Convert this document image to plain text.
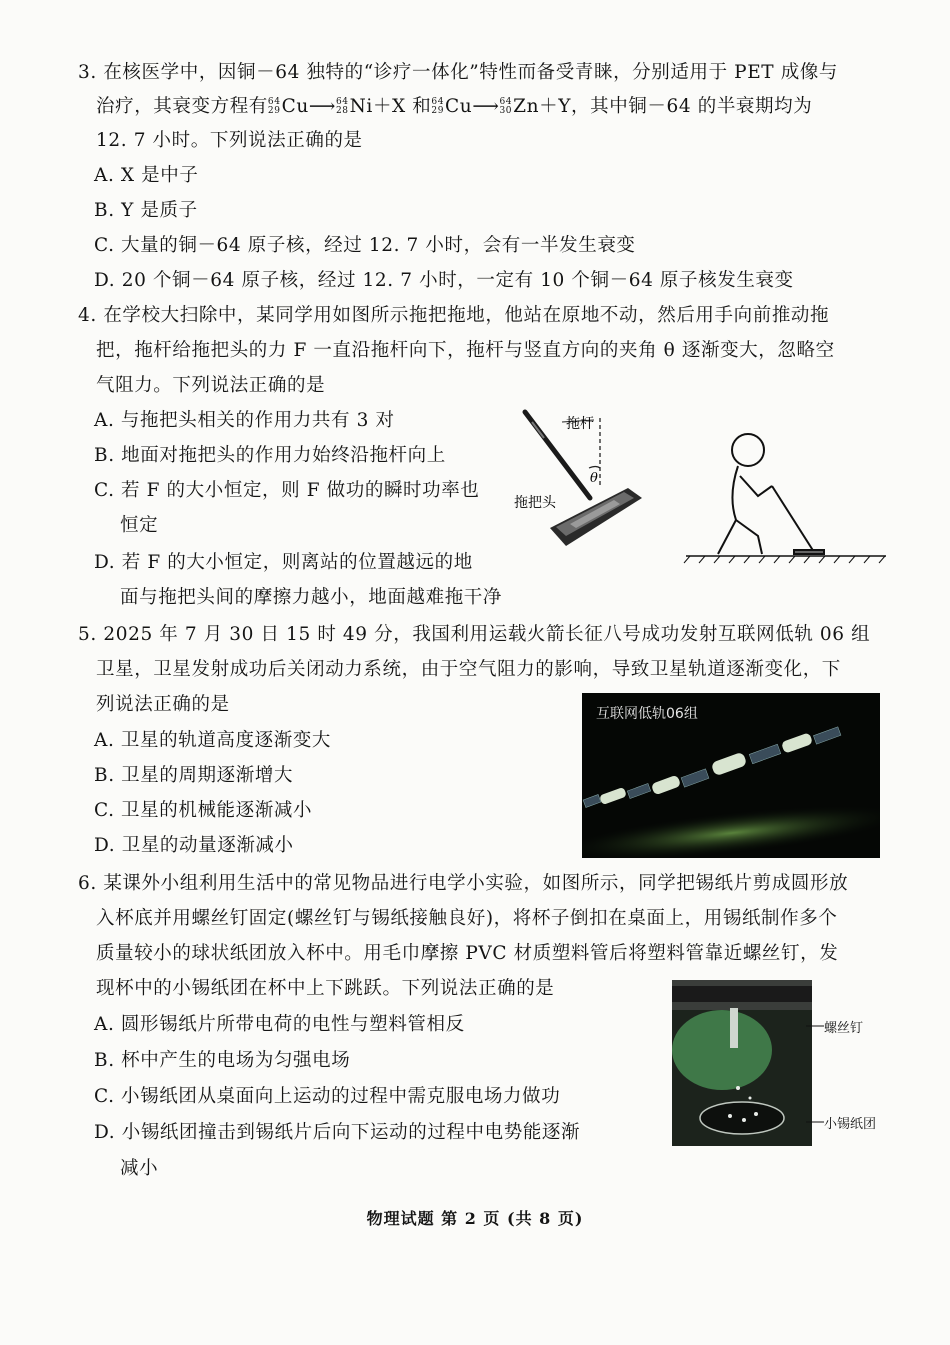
3. 在核医学中，因铜－64 独特的“诊疗一体化”特性而备受青睐，分别适用于 PET 成像与
治疗，其衰变方程有 64
29 Cu⟶ 64
28 Ni＋X 和 64
29 Cu⟶ 64
30 Zn＋Y，其中铜－64 的半衰期均为
12. 7 小时。下列说法正确的是
A. X 是中子
B. Y 是质子
C. 大量的铜－64 原子核，经过 12. 7 小时，会有一半发生衰变
D. 20 个铜－64 原子核，经过 12. 7 小时，一定有 10 个铜－64 原子核发生衰变
4. 在学校大扫除中，某同学用如图所示拖把拖地，他站在原地不动，然后用手向前推动拖
把，拖杆给拖把头的力 F 一直沿拖杆向下，拖杆与竖直方向的夹角 θ 逐渐变大，忽略空
气阻力。下列说法正确的是
A. 与拖把头相关的作用力共有 3 对
B. 地面对拖把头的作用力始终沿拖杆向上
C. 若 F 的大小恒定，则 F 做功的瞬时功率也
恒定
D. 若 F 的大小恒定，则离站的位置越远的地
面与拖把头间的摩擦力越小，地面越难拖干净
拖杆
θ
拖把头
5. 2025 年 7 月 30 日 15 时 49 分，我国利用运载火箭长征八号成功发射互联网低轨 06 组
卫星，卫星发射成功后关闭动力系统，由于空气阻力的影响，导致卫星轨道逐渐变化，下
列说法正确的是
A. 卫星的轨道高度逐渐变大
B. 卫星的周期逐渐增大
C. 卫星的机械能逐渐减小
D. 卫星的动量逐渐减小
互联网低轨06组
6. 某课外小组利用生活中的常见物品进行电学小实验，如图所示，同学把锡纸片剪成圆形放
入杯底并用螺丝钉固定(螺丝钉与锡纸接触良好)，将杯子倒扣在桌面上，用锡纸制作多个
质量较小的球状纸团放入杯中。用毛巾摩擦 PVC 材质塑料管后将塑料管靠近螺丝钉，发
现杯中的小锡纸团在杯中上下跳跃。下列说法正确的是
A. 圆形锡纸片所带电荷的电性与塑料管相反
B. 杯中产生的电场为匀强电场
C. 小锡纸团从桌面向上运动的过程中需克服电场力做功
D. 小锡纸团撞击到锡纸片后向下运动的过程中电势能逐渐
减小
螺丝钉
小锡纸团
物理试题 第 2 页 (共 8 页)
